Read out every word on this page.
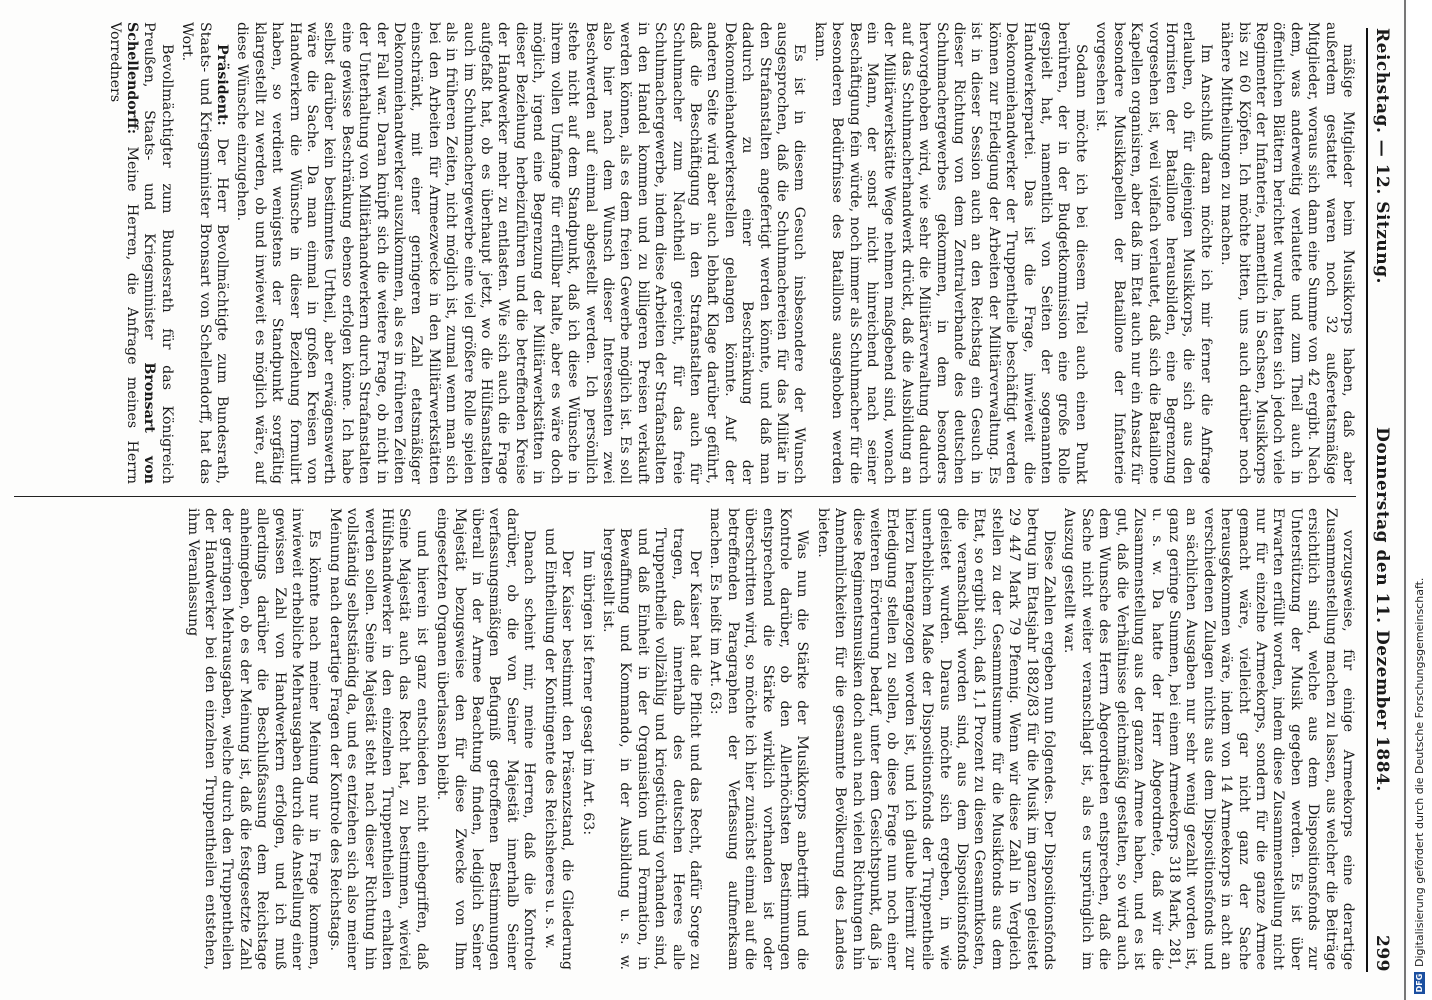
Reichstag. — 12. Sitzung.
Donnerstag den 11. Dezember 1884.
299

mäßige Mitglieder beim Musikkorps haben, daß aber außerdem gestattet waren noch 32 außeretatsmäßige Mitglieder, woraus sich dann eine Summe von 42 ergibt. Nach dem, was anderweitig verlautete und zum Theil auch in öffentlichen Blättern berichtet wurde, hatten sich jedoch viele Regimenter der Infanterie, namentlich in Sachsen, Musikkorps bis zu 60 Köpfen. Ich möchte bitten, uns auch darüber noch nähere Mittheilungen zu machen.

Im Anschluß daran möchte ich mir ferner die Anfrage erlauben, ob für diejenigen Musikkorps, die sich aus den Hornisten der Bataillone herausbilden, eine Begrenzung vorgesehen ist, weil vielfach verlautet, daß sich die Bataillone Kapellen organisiren, aber daß im Etat auch nur ein Ansatz für besondere Musikkapellen der Bataillone der Infanterie vorgesehen ist.

Sodann möchte ich bei diesem Titel auch einen Punkt berühren, der in der Budgetkommission eine große Rolle gespielt hat, namentlich von Seiten der sogenannten Handwerkerpartei. Das ist die Frage, inwieweit die Dekonomiehandwerker der Truppentheile beschäftigt werden können zur Erledigung der Arbeiten der Militärverwaltung. Es ist in dieser Session auch an den Reichstag ein Gesuch in dieser Richtung von dem Zentralverbande des deutschen Schuhmachergewerbes gekommen, in dem besonders hervorgehoben wird, wie sehr die Militärverwaltung dadurch auf das Schuhmacherhandwerk drückt, daß die Ausbildung an der Militärwerkstätte Wege nehmen maßgebend sind, wonach ein Mann, der sonst nicht hinreichend nach seiner Beschäftigung fein würde, noch immer als Schuhmacher für die besonderen Bedürfnisse des Bataillons ausgehoben werden kann.

Es ist in diesem Gesuch insbesondere der Wunsch ausgesprochen, daß die Schuhmachereien für das Militär in den Strafanstalten angefertigt werden könnte, und daß man dadurch zu einer Beschränkung der Dekonomiehandwerkerstellen gelangen könnte. Auf der anderen Seite wird aber auch lebhaft Klage darüber geführt, daß die Beschäftigung in den Strafanstalten auch für Schuhmacher zum Nachtheil gereicht, für das freie Schuhmachergewerbe, indem diese Arbeiten der Strafanstalten in den Handel kommen und zu billigeren Preisen verkauft werden können, als es dem freien Gewerbe möglich ist. Es soll also hier nach dem Wunsch dieser Interessenten zwei Beschwerden auf einmal abgestellt werden. Ich persönlich stehe nicht auf dem Standpunkt, daß ich diese Wünsche in ihrem vollen Umfange für erfüllbar halte, aber es wäre doch möglich, irgend eine Begrenzung der Militärwerkstätten in dieser Beziehung herbeizuführen und die betreffenden Kreise der Handwerker mehr zu entlasten. Wie sich auch die Frage aufgefaßt hat, ob es überhaupt jetzt, wo die Hülfsanstalten auch im Schuhmachergewerbe eine viel größere Rolle spielen als in früheren Zeiten, nicht möglich ist, zumal wenn man sich bei den Arbeiten für Armeezwecke in den Militärwerkstätten einschränkt, mit einer geringeren Zahl etatsmäßiger Dekonomiehandwerker auszukommen, als es in früheren Zeiten der Fall war. Daran knüpft sich die weitere Frage, ob nicht in der Unterhaltung von Militärhandwerkern durch Strafanstalten eine gewisse Beschränkung ebenso erfolgen könne. Ich habe selbst darüber kein bestimmtes Urtheil, aber erwägenswerth wäre die Sache. Da man einmal in großen Kreisen von Handwerkern die Wünsche in dieser Beziehung formulirt haben, so verdient wenigstens der Standpunkt sorgfältig klargestellt zu werden, ob und inwieweit es möglich wäre, auf diese Wünsche einzugehen.

Präsident: Der Herr Bevollmächtigte zum Bundesrath, Staats- und Kriegsminister Bronsart von Schellendorff, hat das Wort.

Bevollmächtigter zum Bundesrath für das Königreich Preußen, Staats- und Kriegsminister Bronsart von Schellendorff: Meine Herren, die Anfrage meines Herrn Vorredners

vorzugsweise, für einige Armeekorps eine derartige Zusammenstellung machen zu lassen, aus welcher die Beiträge ersichtlich sind, welche aus dem Dispositionsfonds zur Unterstützung der Musik gegeben werden. Es ist über Erwarten erfüllt worden, indem diese Zusammenstellung nicht nur für einzelne Armeekorps, sondern für die ganze Armee gemacht wäre, vielleicht gar nicht ganz der Sache herausgekommen wäre, indem von 14 Armeekorps in acht an verschiedenen Zulagen nichts aus dem Dispositionsfonds und an sächlichen Ausgaben nur sehr wenig gezahlt worden ist, ganz geringe Summen, bei einem Armeekorps 318 Mark, 281, u. s. w. Da hatte der Herr Abgeordnete, daß wir die Zusammenstellung aus der ganzen Armee haben, und es ist gut, daß die Verhältnisse gleichmäßig gestalten, so wird auch dem Wunsche des Herrn Abgeordneten entsprechen, daß die Sache nicht weiter veranschlagt ist, als es ursprünglich im Auszug gestellt war.

Diese Zahlen ergeben nun folgendes. Der Dispositionsfonds betrug im Etatsjahr 1882/83 für die Musik im ganzen geleistet 29 447 Mark 79 Pfennig. Wenn wir diese Zahl in Vergleich stellen zu der Gesammtsumme für die Musikfonds aus dem Etat, so ergibt sich, daß 1,1 Prozent zu diesen Gesammtkosten, die veranschlagt worden sind, aus dem Dispositionsfonds geleistet wurden. Daraus möchte sich ergeben, in wie unerheblichem Maße der Dispositionsfonds der Truppentheile hierzu herangezogen worden ist, und ich glaube hiermit zur Erledigung stellen zu sollen, ob diese Frage nun noch einer weiteren Erörterung bedarf, unter dem Gesichtspunkt, daß ja diese Regimentsmusiken doch auch nach vielen Richtungen hin Annehmlichkeiten für die gesammte Bevölkerung des Landes bieten.

Was nun die Stärke der Musikkorps anbetrifft und die Kontrole darüber, ob den Allerhöchsten Bestimmungen entsprechend die Stärke wirklich vorhanden ist oder überschritten wird, so möchte ich hier zunächst einmal auf die betreffenden Paragraphen der Verfassung aufmerksam machen. Es heißt im Art. 63:

Der Kaiser hat die Pflicht und das Recht, dafür Sorge zu tragen, daß innerhalb des deutschen Heeres alle Truppentheile vollzählig und kriegstüchtig vorhanden sind, und daß Einheit in der Organisation und Formation, in Bewaffnung und Kommando, in der Ausbildung u. s. w. hergestellt ist.

Im übrigen ist ferner gesagt im Art. 63:

Der Kaiser bestimmt den Präsenzstand, die Gliederung und Eintheilung der Kontingente des Reichsheeres u. s. w.

Danach scheint mir, meine Herren, daß die Kontrole darüber, ob die von Seiner Majestät innerhalb Seiner verfassungsmäßigen Befugniß getroffenen Bestimmungen überall in der Armee Beachtung finden, lediglich Seiner Majestät bezugsweise den für diese Zwecke von Ihm eingesetzten Organen überlassen bleibt.

und hierein ist ganz entschieden nicht einbegriffen, daß Seine Majestät auch das Recht hat, zu bestimmen, wieviel Hülfshandwerker in den einzelnen Truppentheilen erhalten werden sollen. Seine Majestät steht nach dieser Richtung hin vollständig selbstständig da, und es entziehen sich also meiner Meinung nach derartige Fragen der Kontrole des Reichstags.

Es könnte nach meiner Meinung nur in Frage kommen, inwieweit erhebliche Mehrausgaben durch die Anstellung einer gewissen Zahl von Handwerkern erfolgen, und ich muß allerdings darüber die Beschlußfassung dem Reichstage anheimgeben, ob es der Meinung ist, daß die festgesetzte Zahl der geringen Mehrausgaben, welche durch den Truppentheilen der Handwerker bei den einzelnen Truppentheilen entstehen, ihm Veranlassung

DFG
Digitalisierung gefördert durch die Deutsche Forschungsgemeinschaft.
